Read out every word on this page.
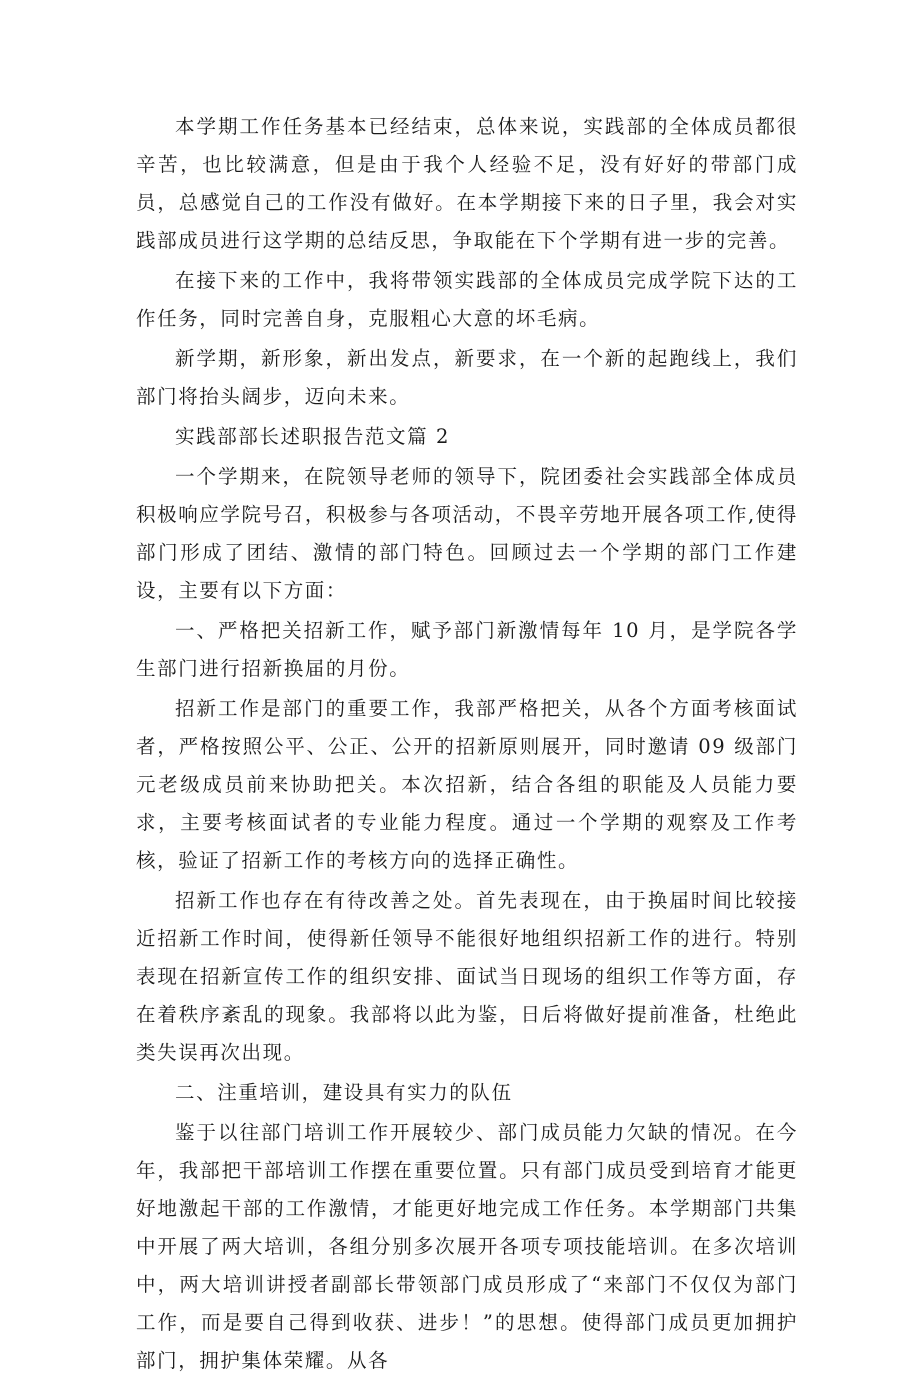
本学期工作任务基本已经结束，总体来说，实践部的全体成员都很辛苦，也比较满意，但是由于我个人经验不足，没有好好的带部门成员，总感觉自己的工作没有做好。在本学期接下来的日子里，我会对实践部成员进行这学期的总结反思，争取能在下个学期有进一步的完善。

在接下来的工作中，我将带领实践部的全体成员完成学院下达的工作任务，同时完善自身，克服粗心大意的坏毛病。

新学期，新形象，新出发点，新要求，在一个新的起跑线上，我们部门将抬头阔步，迈向未来。

实践部部长述职报告范文篇 2

一个学期来，在院领导老师的领导下，院团委社会实践部全体成员积极响应学院号召，积极参与各项活动，不畏辛劳地开展各项工作,使得部门形成了团结、激情的部门特色。回顾过去一个学期的部门工作建设，主要有以下方面：

一、严格把关招新工作，赋予部门新激情每年 10 月，是学院各学生部门进行招新换届的月份。

招新工作是部门的重要工作，我部严格把关，从各个方面考核面试者，严格按照公平、公正、公开的招新原则展开，同时邀请 09 级部门元老级成员前来协助把关。本次招新，结合各组的职能及人员能力要求，主要考核面试者的专业能力程度。通过一个学期的观察及工作考核，验证了招新工作的考核方向的选择正确性。

招新工作也存在有待改善之处。首先表现在，由于换届时间比较接近招新工作时间，使得新任领导不能很好地组织招新工作的进行。特别表现在招新宣传工作的组织安排、面试当日现场的组织工作等方面，存在着秩序紊乱的现象。我部将以此为鉴，日后将做好提前准备，杜绝此类失误再次出现。

二、注重培训，建设具有实力的队伍

鉴于以往部门培训工作开展较少、部门成员能力欠缺的情况。在今年，我部把干部培训工作摆在重要位置。只有部门成员受到培育才能更好地激起干部的工作激情，才能更好地完成工作任务。本学期部门共集中开展了两大培训，各组分别多次展开各项专项技能培训。在多次培训中，两大培训讲授者副部长带领部门成员形成了“来部门不仅仅为部门工作，而是要自己得到收获、进步！”的思想。使得部门成员更加拥护部门，拥护集体荣耀。从各
